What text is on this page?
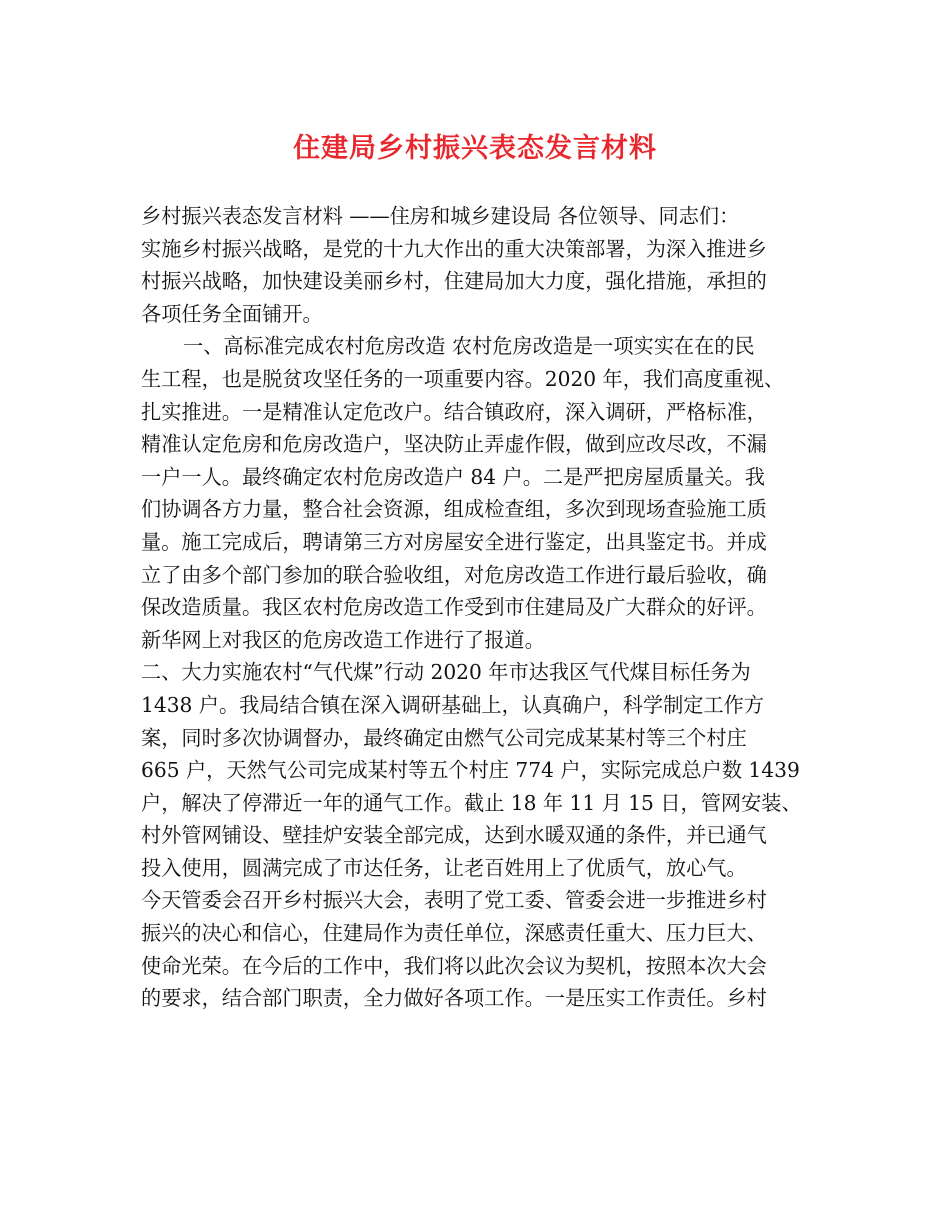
住建局乡村振兴表态发言材料
乡村振兴表态发言材料 ——住房和城乡建设局 各位领导、同志们：
实施乡村振兴战略，是党的十九大作出的重大决策部署，为深入推进乡
村振兴战略，加快建设美丽乡村，住建局加大力度，强化措施，承担的
各项任务全面铺开。
一、高标准完成农村危房改造 农村危房改造是一项实实在在的民
生工程，也是脱贫攻坚任务的一项重要内容。2020 年，我们高度重视、
扎实推进。一是精准认定危改户。结合镇政府，深入调研，严格标准，
精准认定危房和危房改造户，坚决防止弄虚作假，做到应改尽改，不漏
一户一人。最终确定农村危房改造户 84 户。二是严把房屋质量关。我
们协调各方力量，整合社会资源，组成检查组，多次到现场查验施工质
量。施工完成后，聘请第三方对房屋安全进行鉴定，出具鉴定书。并成
立了由多个部门参加的联合验收组，对危房改造工作进行最后验收，确
保改造质量。我区农村危房改造工作受到市住建局及广大群众的好评。
新华网上对我区的危房改造工作进行了报道。
二、大力实施农村“气代煤”行动 2020 年市达我区气代煤目标任务为
1438 户。我局结合镇在深入调研基础上，认真确户，科学制定工作方
案，同时多次协调督办，最终确定由燃气公司完成某某村等三个村庄
665 户，天然气公司完成某村等五个村庄 774 户，实际完成总户数 1439
户，解决了停滞近一年的通气工作。截止 18 年 11 月 15 日，管网安装、
村外管网铺设、壁挂炉安装全部完成，达到水暖双通的条件，并已通气
投入使用，圆满完成了市达任务，让老百姓用上了优质气，放心气。
今天管委会召开乡村振兴大会，表明了党工委、管委会进一步推进乡村
振兴的决心和信心，住建局作为责任单位，深感责任重大、压力巨大、
使命光荣。在今后的工作中，我们将以此次会议为契机，按照本次大会
的要求，结合部门职责，全力做好各项工作。一是压实工作责任。乡村
